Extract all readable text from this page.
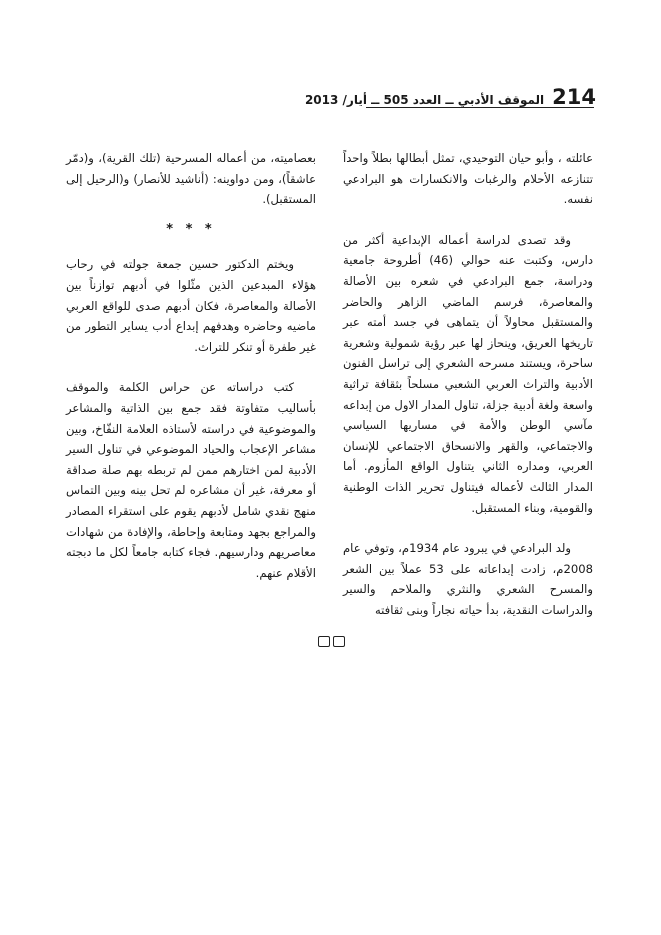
214
الموقف الأدبي ــ العدد 505 ــ أيار/ 2013

عائلته ، وأبو حيان التوحيدي، تمثل أبطالها بطلاً واحداً تتنازعه الأحلام والرغبات والانكسارات هو البرادعي نفسه.

وقد تصدى لدراسة أعماله الإبداعية أكثر من دارس، وكتبت عنه حوالي (46) أطروحة جامعية ودراسة، جمع البرادعي في شعره بين الأصالة والمعاصرة، فرسم الماضي الزاهر والحاضر والمستقبل محاولاً أن يتماهى في جسد أمته عبر تاريخها العريق، وينحاز لها عبر رؤية شمولية وشعرية ساحرة، ويستند مسرحه الشعري إلى تراسل الفنون الأدبية والتراث العربي الشعبي مسلحاً بثقافة تراثية واسعة ولغة أدبية جزلة، تناول المدار الاول من إبداعه مآسي الوطن والأمة في مساريها السياسي والاجتماعي، والقهر والانسحاق الاجتماعي للإنسان العربي، ومداره الثاني يتناول الواقع المأزوم. أما المدار الثالث لأعماله فيتناول تحرير الذات الوطنية والقومية، وبناء المستقبل.

ولد البرادعي في يبرود عام 1934م، وتوفي عام 2008م، زادت إبداعاته على 53 عملاً بين الشعر والمسرح الشعري والنثري والملاحم والسير والدراسات النقدية، بدأ حياته نجاراً وبنى ثقافته

بعصاميته، من أعماله المسرحية (تلك القرية)، و(دمّر عاشقاً)، ومن دواوينه: (أناشيد للأنصار) و(الرحيل إلى المستقبل).

* * *

ويختم الدكتور حسين جمعة جولته في رحاب هؤلاء المبدعين الذين مثّلوا في أدبهم توازناً بين الأصالة والمعاصرة، فكان أدبهم صدى للواقع العربي ماضيه وحاضره وهدفهم إبداع أدب يساير التطور من غير طفرة أو تنكر للتراث.

كتب دراساته عن حراس الكلمة والموقف بأساليب متفاوتة فقد جمع بين الذاتية والمشاعر والموضوعية في دراسته لأستاذه العلامة النفّاخ، وبين مشاعر الإعجاب والحياد الموضوعي في تناول السير الأدبية لمن اختارهم ممن لم تربطه بهم صلة صداقة أو معرفة، غير أن مشاعره لم تحل بينه وبين التماس منهج نقدي شامل لأدبهم يقوم على استقراء المصادر والمراجع بجهد ومتابعة وإحاطة، والإفادة من شهادات معاصريهم ودارسيهم. فجاء كتابه جامعاً لكل ما دبجته الأقلام عنهم.
